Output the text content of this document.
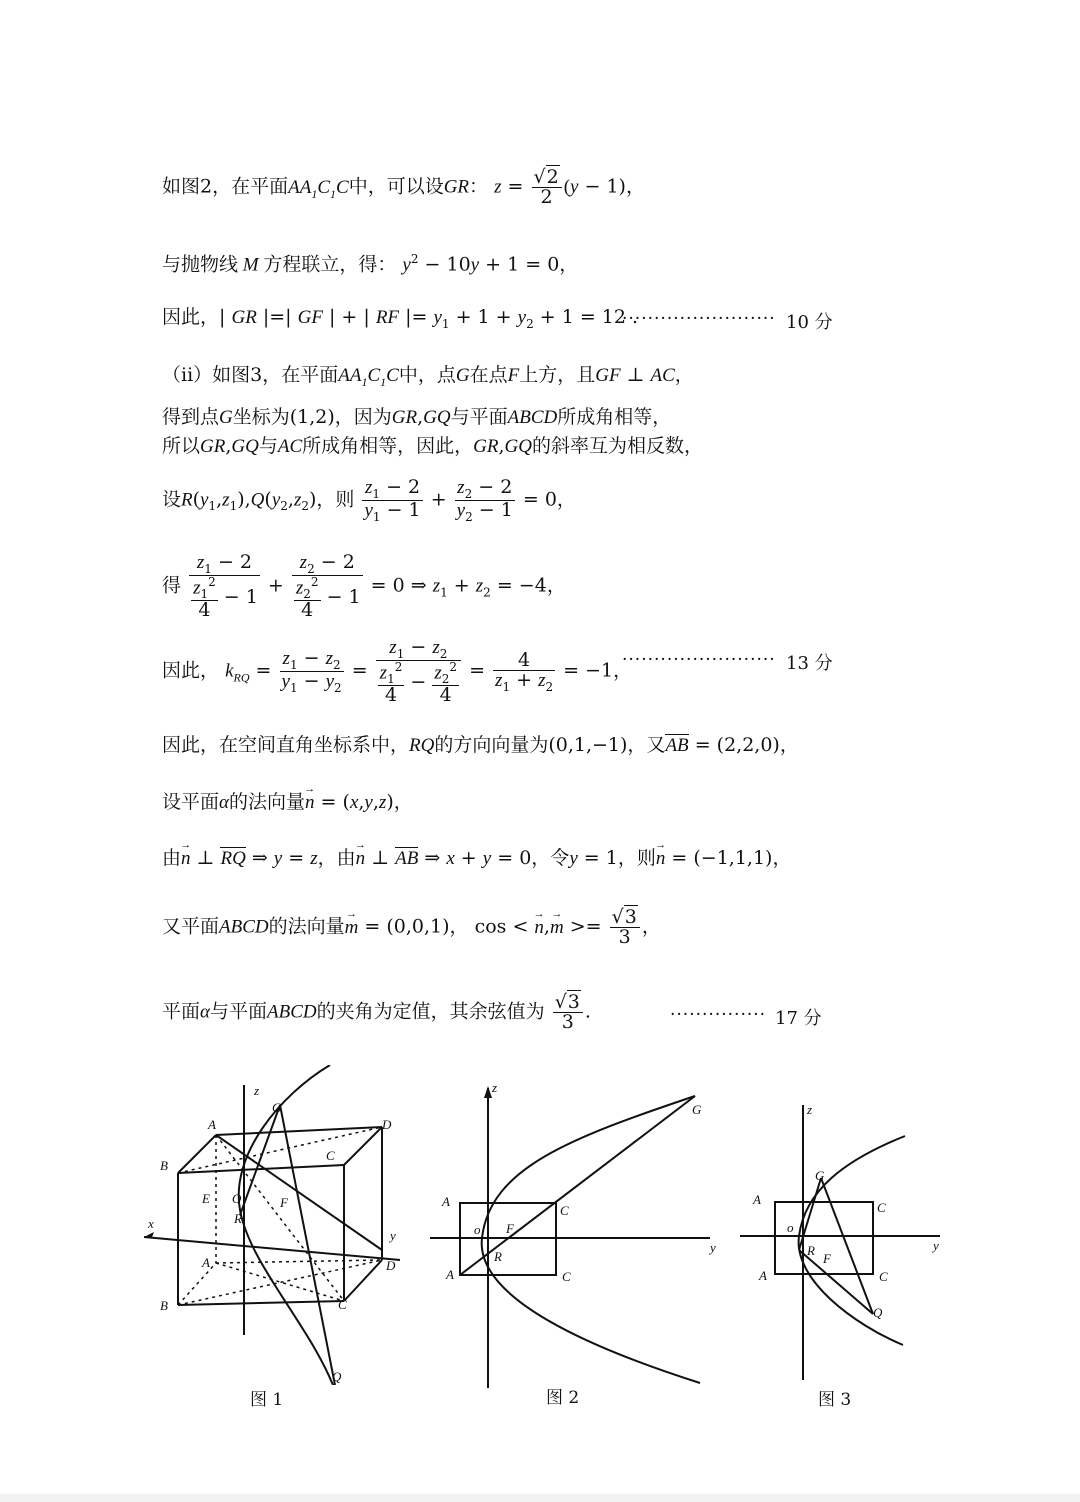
如图2，在平面$AA_1C_1C$中，可以设GR： $z = \frac{√2}{2} (y - 1)$，
与抛物线 M 方程联立，得： $y^2 - 10y + 1 = 0$，
因此，| GR |=| GF | + | RF |= $y_1 + 1 + y_2 + 1 = 12$ .
························ 10 分
（ii）如图3，在平面$AA_1C_1C$中，点G在点F上方，且GF ⊥ AC，
得到点G坐标为(1,2)，因为GR,GQ与平面ABCD所成角相等，
所以GR,GQ与AC所成角相等，因此，GR,GQ的斜率互为相反数，
设$R(y_1,z_1),Q(y_2,z_2)$，则 $\frac{z_1 - 2}{y_1 - 1} + \frac{z_2 - 2}{y_2 - 1} = 0$，
得 $\frac{z_1 - 2}{\frac{z_1^2}{4} - 1} + \frac{z_2 - 2}{\frac{z_2^2}{4} - 1} = 0$ ⇒ $z_1 + z_2 = -4$，
因此， $k_{RQ} = \frac{z_1 - z_2}{y_1 - y_2} = \frac{z_1 - z_2}{\frac{z_1^2}{4} - \frac{z_2^2}{4}} = \frac{4}{z_1 + z_2} = -1$，
························ 13 分
因此，在空间直角坐标系中，RQ的方向向量为(0,1,−1)，又AB = (2,2,0)，
设平面α的法向量→ n = (x,y,z)，
由→ n ⊥ RQ ⇒ y = z，由→ n ⊥ AB ⇒ x + y = 0，令y = 1，则→ n = (−1,1,1)，
又平面ABCD的法向量→ m = (0,0,1)， cos < → $n,\to m >= \frac{√3}{3}$ ，
平面α与平面ABCD的夹角为定值，其余弦值为 $\frac{√3}{3}$ .	··············· 17 分
z
x
y
G
Q
R
F
E O
A
B	C
D
A
B
C
D
图 1
z
y
G
A
C
o F
R
A	C
图 2
z
y
G
A
C
o
F
R
A	C
Q
图 3
